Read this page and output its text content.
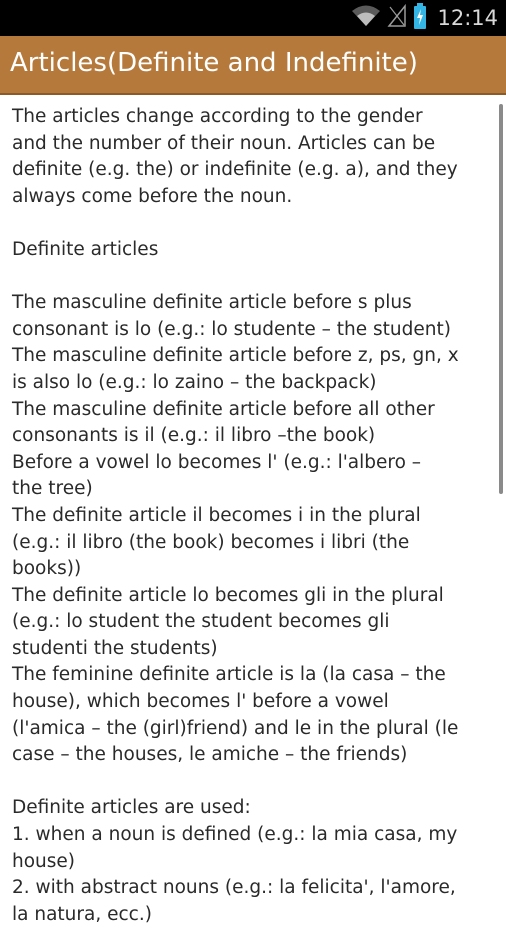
12:14
Articles(Definite and Indefinite)

The articles change according to the gender
and the number of their noun. Articles can be
definite (e.g. the) or indefinite (e.g. a), and they
always come before the noun.

Definite articles

The masculine definite article before s plus
consonant is lo (e.g.: lo studente – the student)
The masculine definite article before z, ps, gn, x
is also lo (e.g.: lo zaino – the backpack)
The masculine definite article before all other
consonants is il (e.g.: il libro –the book)
Before a vowel lo becomes l' (e.g.: l'albero –
the tree)
The definite article il becomes i in the plural
(e.g.: il libro (the book) becomes i libri (the
books))
The definite article lo becomes gli in the plural
(e.g.: lo student the student becomes gli
studenti the students)
The feminine definite article is la (la casa – the
house), which becomes l' before a vowel
(l'amica – the (girl)friend) and le in the plural (le
case – the houses, le amiche – the friends)

Definite articles are used:
1. when a noun is defined (e.g.: la mia casa, my
house)
2. with abstract nouns (e.g.: la felicita', l'amore,
la natura, ecc.)
